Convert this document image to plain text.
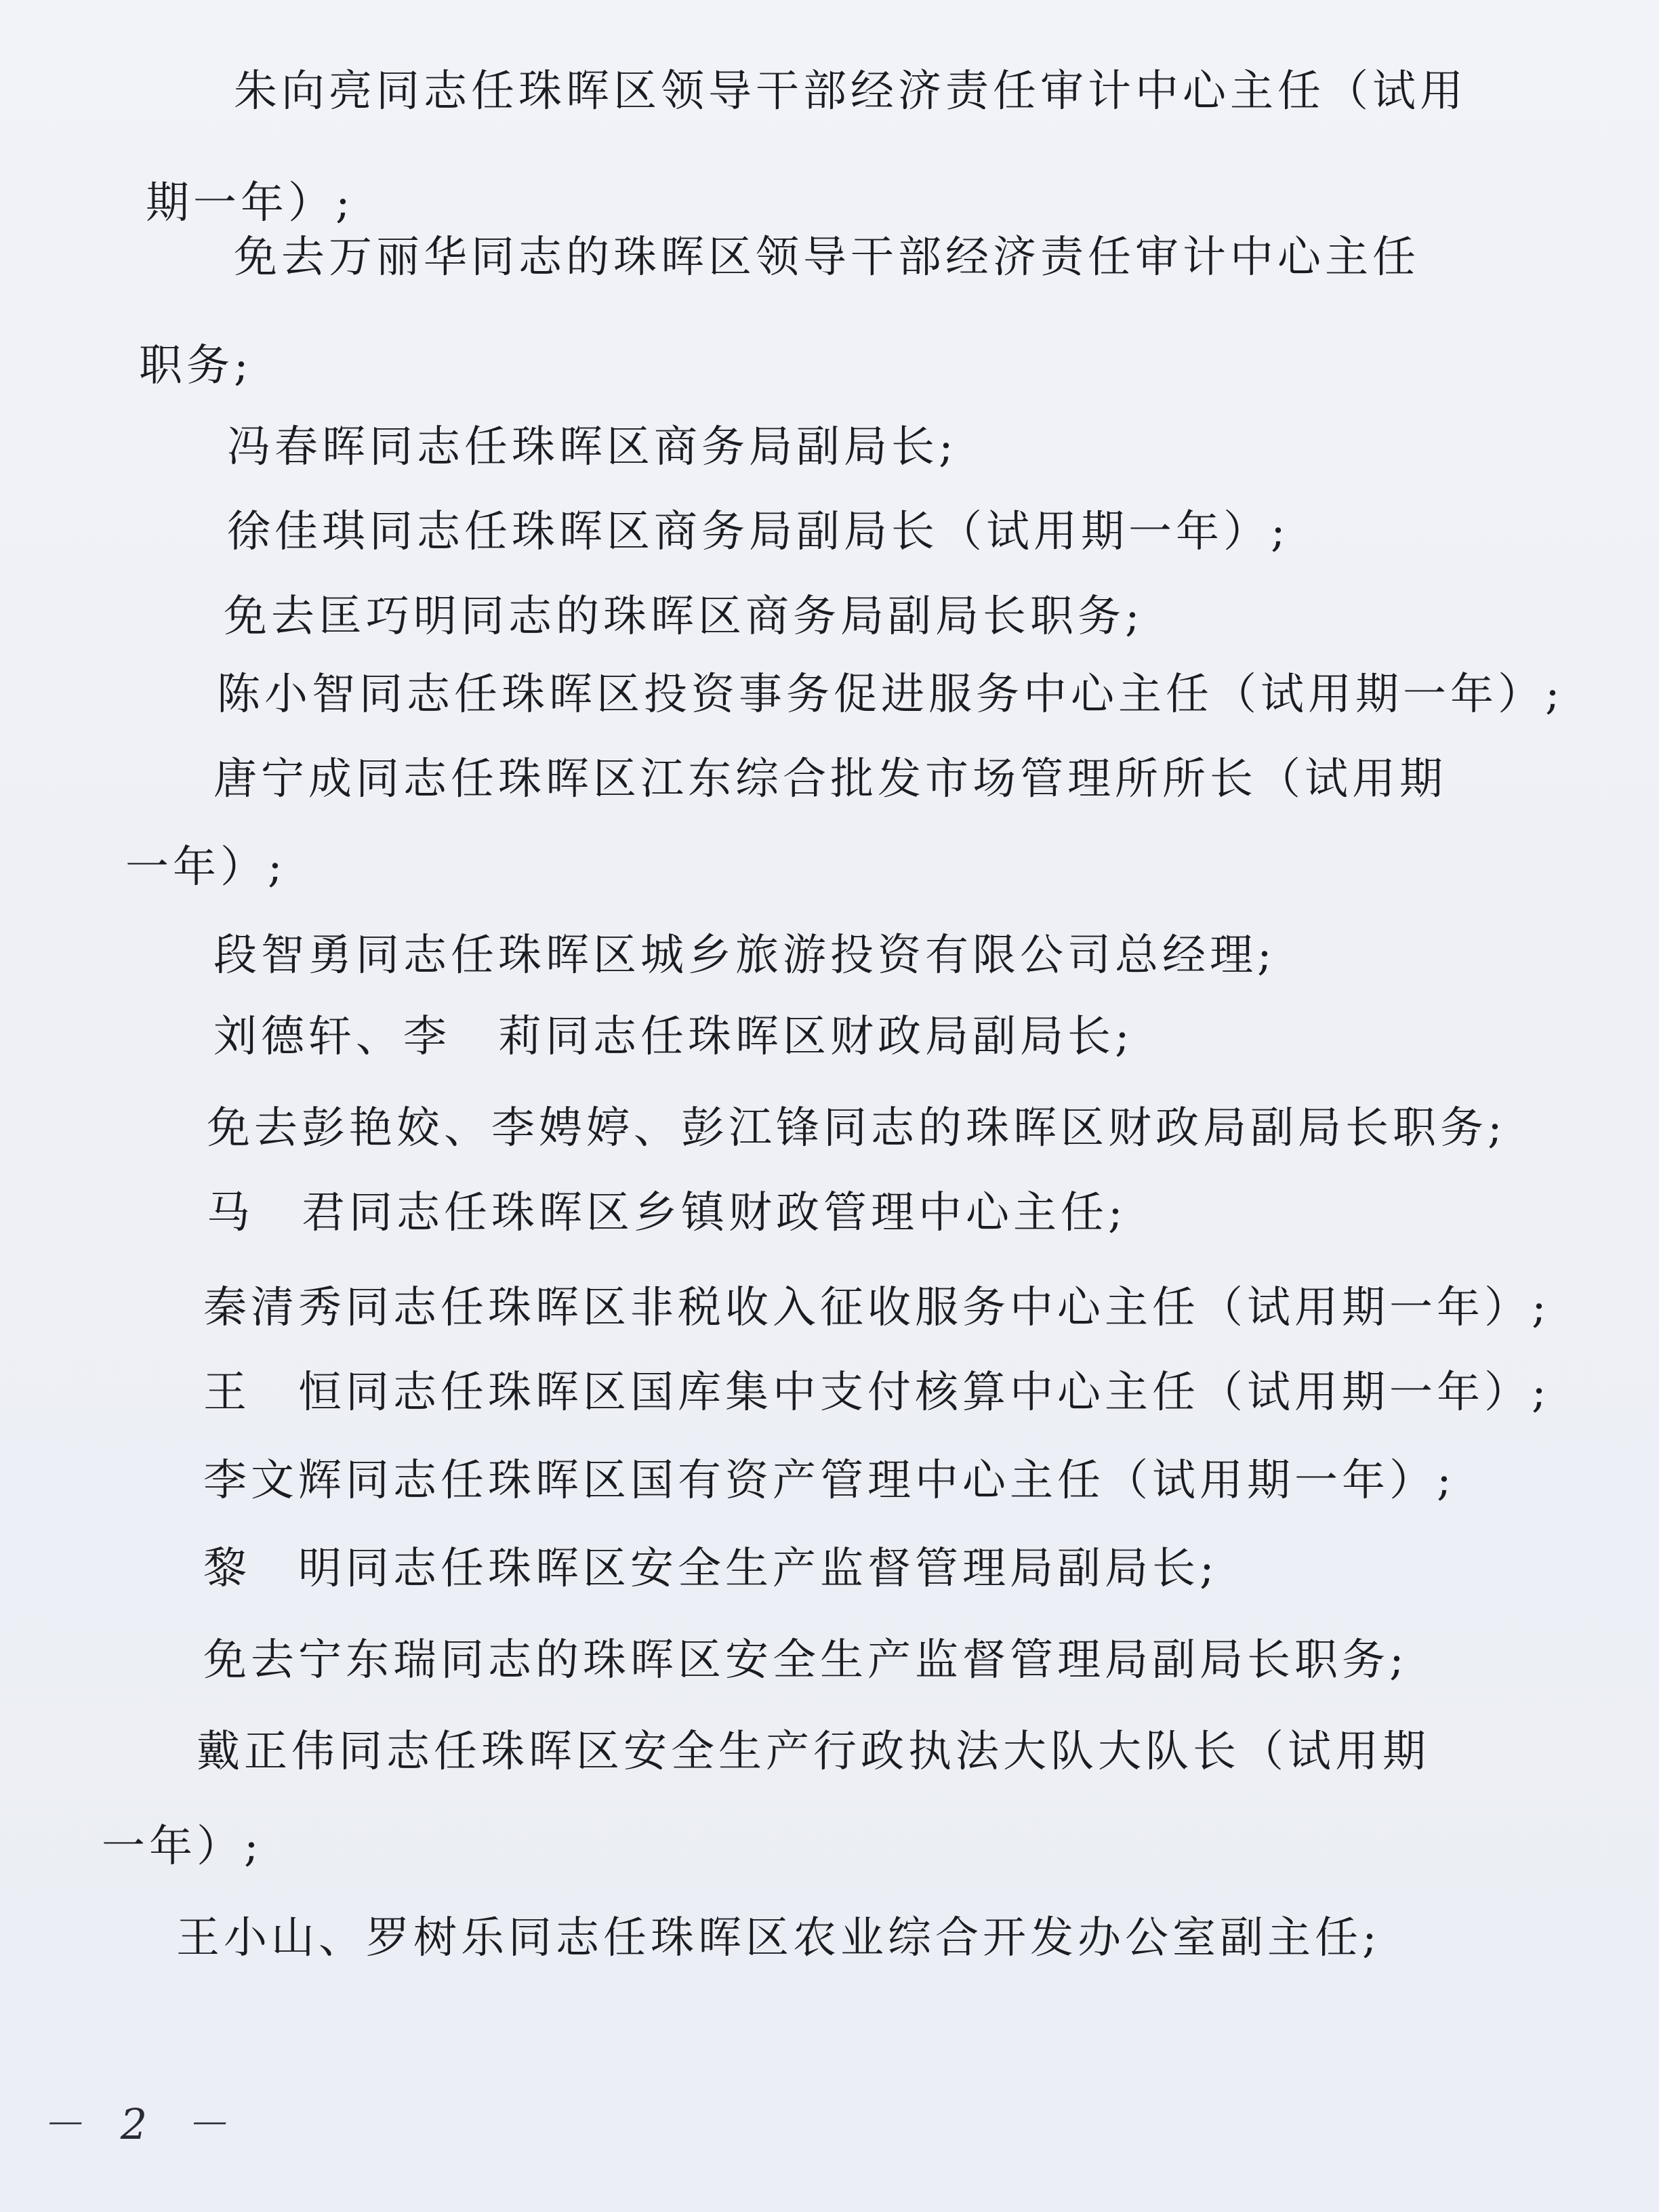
朱向亮同志任珠晖区领导干部经济责任审计中心主任（试用
期一年）;
免去万丽华同志的珠晖区领导干部经济责任审计中心主任
职务;
冯春晖同志任珠晖区商务局副局长;
徐佳琪同志任珠晖区商务局副局长（试用期一年）;
免去匡巧明同志的珠晖区商务局副局长职务;
陈小智同志任珠晖区投资事务促进服务中心主任（试用期一年）;
唐宁成同志任珠晖区江东综合批发市场管理所所长（试用期
一年）;
段智勇同志任珠晖区城乡旅游投资有限公司总经理;
刘德轩、李　莉同志任珠晖区财政局副局长;
免去彭艳姣、李娉婷、彭江锋同志的珠晖区财政局副局长职务;
马　君同志任珠晖区乡镇财政管理中心主任;
秦清秀同志任珠晖区非税收入征收服务中心主任（试用期一年）;
王　恒同志任珠晖区国库集中支付核算中心主任（试用期一年）;
李文辉同志任珠晖区国有资产管理中心主任（试用期一年）;
黎　明同志任珠晖区安全生产监督管理局副局长;
免去宁东瑞同志的珠晖区安全生产监督管理局副局长职务;
戴正伟同志任珠晖区安全生产行政执法大队大队长（试用期
一年）;
王小山、罗树乐同志任珠晖区农业综合开发办公室副主任;
－ 2 －
